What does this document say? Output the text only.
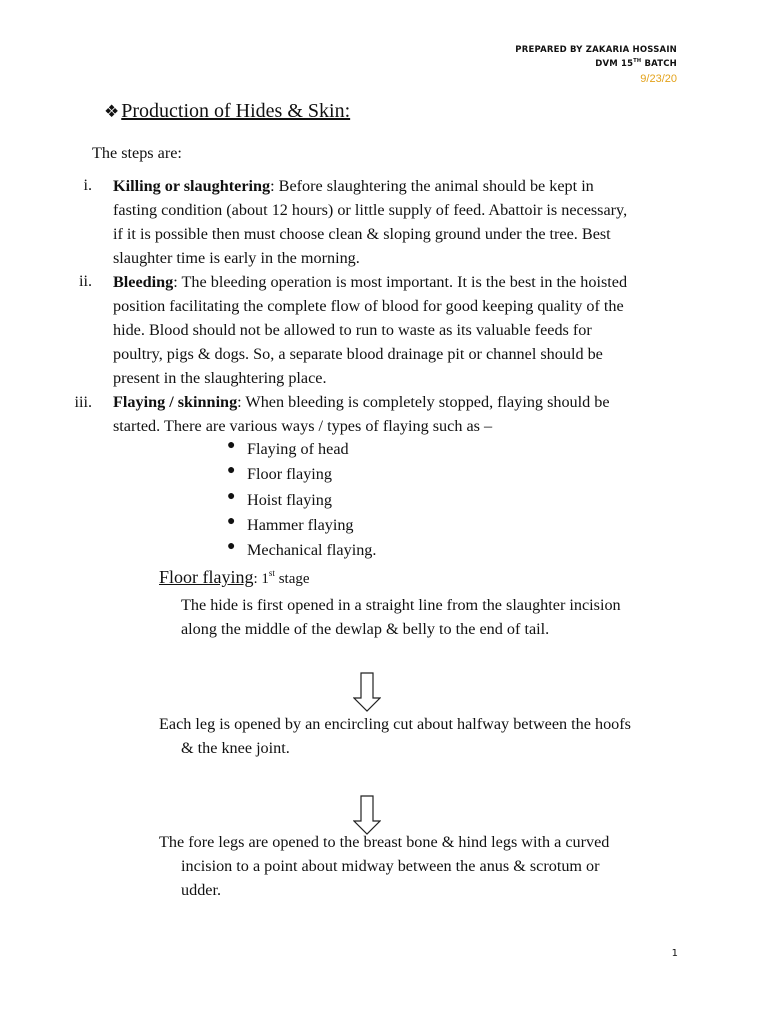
PREPARED BY ZAKARIA HOSSAIN
DVM 15TH BATCH
9/23/20
❖ Production of Hides & Skin:

The steps are:

i. Killing or slaughtering: Before slaughtering the animal should be kept in

fasting condition (about 12 hours) or little supply of feed. Abattoir is necessary,

if it is possible then must choose clean & sloping ground under the tree. Best

slaughter time is early in the morning.

ii. Bleeding: The bleeding operation is most important. It is the best in the hoisted

position facilitating the complete flow of blood for good keeping quality of the

hide. Blood should not be allowed to run to waste as its valuable feeds for

poultry, pigs & dogs. So, a separate blood drainage pit or channel should be

present in the slaughtering place.

iii. Flaying / skinning: When bleeding is completely stopped, flaying should be

started. There are various ways / types of flaying such as –

● Flaying of head
● Floor flaying
● Hoist flaying
● Hammer flaying
● Mechanical flaying.
Floor flaying: 1st stage

The hide is first opened in a straight line from the slaughter incision

along the middle of the dewlap & belly to the end of tail.

Each leg is opened by an encircling cut about halfway between the hoofs

& the knee joint.

The fore legs are opened to the breast bone & hind legs with a curved

incision to a point about midway between the anus & scrotum or

udder.

1
